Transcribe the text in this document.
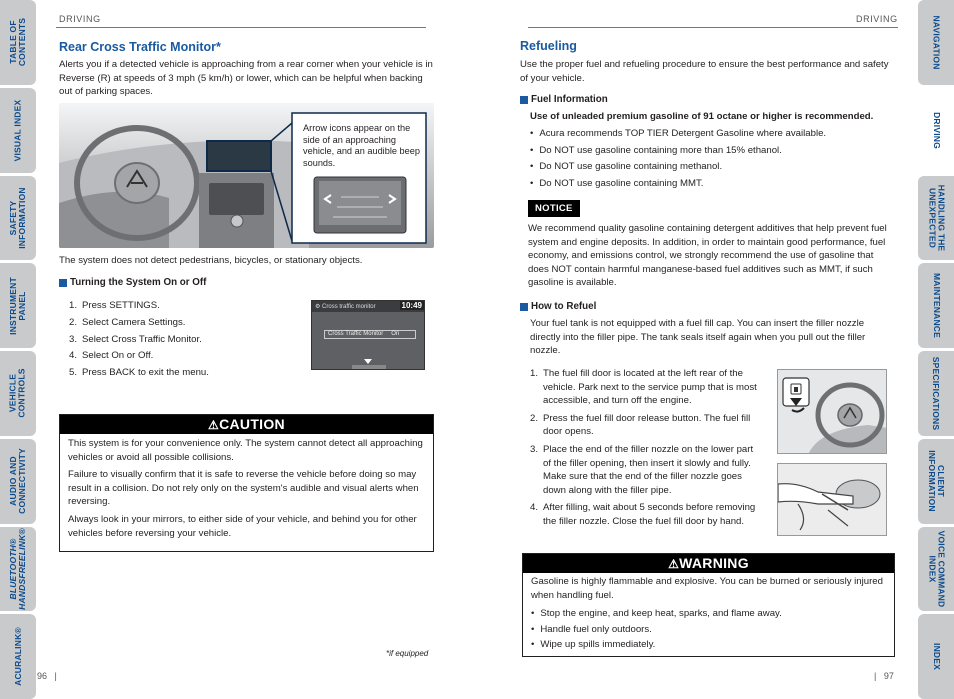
TABLE OF
CONTENTS
VISUAL INDEX
SAFETY
INFORMATION
INSTRUMENT
PANEL
VEHICLE
CONTROLS
AUDIO AND
CONNECTIVITY
BLUETOOTH®
HANDSFREELINK®
ACURALINK®
NAVIGATION
DRIVING
HANDLING THE
UNEXPECTED
MAINTENANCE
SPECIFICATIONS
CLIENT
INFORMATION
VOICE COMMAND
INDEX
INDEX
DRIVING
Rear Cross Traffic Monitor*
Alerts you if a detected vehicle is approaching from a rear corner when your vehicle is in Reverse (R) at speeds of 3 mph (5 km/h) or lower, which can be helpful when backing out of parking spaces.
Arrow icons appear on the side of an approaching vehicle, and an audible beep sounds.
The system does not detect pedestrians, bicycles, or stationary objects.
Turning the System On or Off
1. Press SETTINGS.
2. Select Camera Settings.
3. Select Cross Traffic Monitor.
4. Select On or Off.
5. Press BACK to exit the menu.
⚙ Cross traffic monitor	10:49
Cross Traffic Monitor On
⚠CAUTION

This system is for your convenience only. The system cannot detect all approaching vehicles or avoid all possible collisions.

Failure to visually confirm that it is safe to reverse the vehicle before doing so may result in a collision. Do not rely only on the system's audible and visual alerts when reversing.

Always look in your mirrors, to either side of your vehicle, and behind you for other vehicles before reversing your vehicle.

*if equipped
96   |
DRIVING
Refueling
Use the proper fuel and refueling procedure to ensure the best performance and safety of your vehicle.
Fuel Information
Use of unleaded premium gasoline of 91 octane or higher is recommended.
• Acura recommends TOP TIER Detergent Gasoline where available.
• Do NOT use gasoline containing more than 15% ethanol.
• Do NOT use gasoline containing methanol.
• Do NOT use gasoline containing MMT.
NOTICE
We recommend quality gasoline containing detergent additives that help prevent fuel system and engine deposits. In addition, in order to maintain good performance, fuel economy, and emissions control, we strongly recommend the use of gasoline that does NOT contain harmful manganese-based fuel additives such as MMT, if such gasoline is available.
How to Refuel
Your fuel tank is not equipped with a fuel fill cap. You can insert the filler nozzle directly into the filler pipe. The tank seals itself again when you pull out the filler nozzle.
1. The fuel fill door is located at the left rear of the vehicle. Park next to the service pump that is most accessible, and turn off the engine.
2. Press the fuel fill door release button. The fuel fill door opens.
3. Place the end of the filler nozzle on the lower part of the filler opening, then insert it slowly and fully. Make sure that the end of the filler nozzle goes down along with the filler pipe.
4. After filling, wait about 5 seconds before removing the filler nozzle. Close the fuel fill door by hand.
⚠WARNING

Gasoline is highly flammable and explosive. You can be burned or seriously injured when handling fuel.

• Stop the engine, and keep heat, sparks, and flame away.
• Handle fuel only outdoors.
• Wipe up spills immediately.
|   97
